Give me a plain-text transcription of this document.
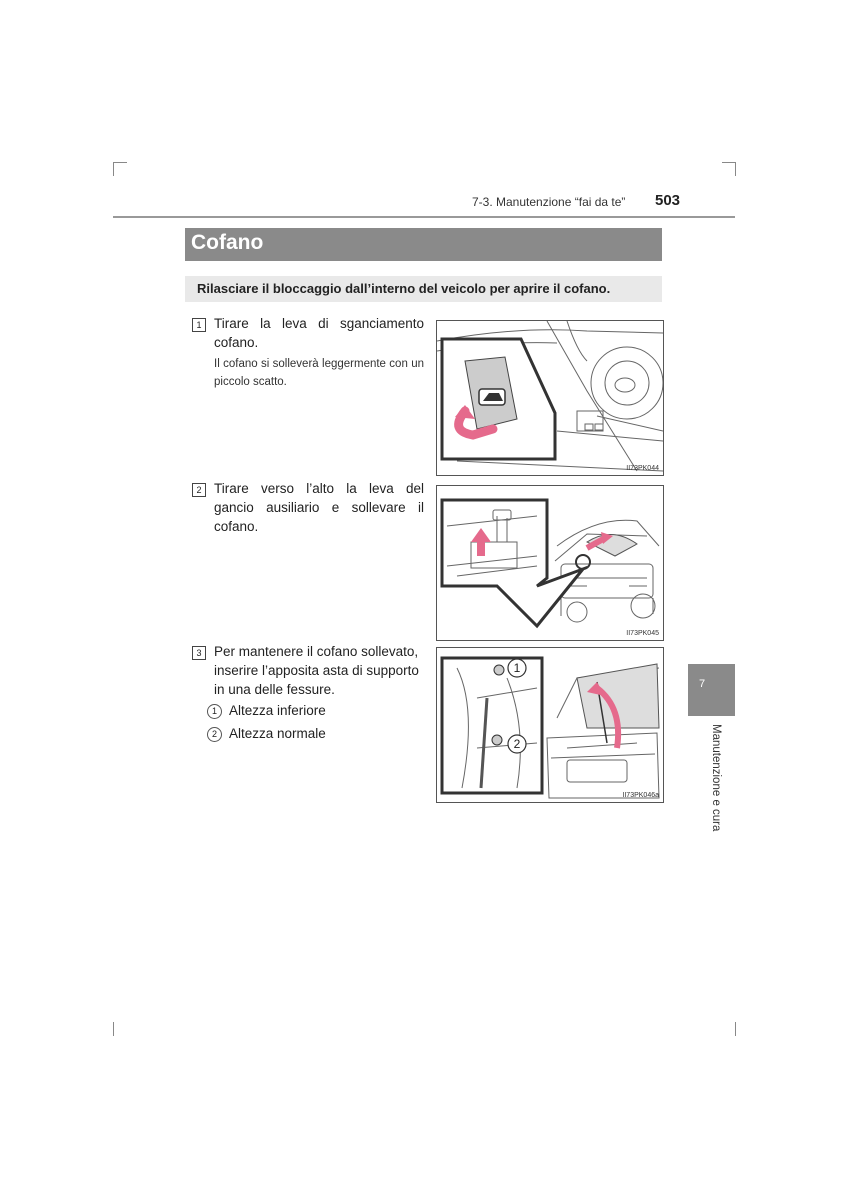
7-3. Manutenzione “fai da te” 503
Cofano
Rilasciare il bloccaggio dall’interno del veicolo per aprire il cofano.
1 Tirare la leva di sganciamento cofano.
Il cofano si solleverà leggermente con un piccolo scatto.
II73PK044
2 Tirare verso l’alto la leva del gancio ausiliario e sollevare il cofano.
II73PK045
3 Per mantenere il cofano sollevato, inserire l’apposita asta di supporto in una delle fessure.
1 Altezza inferiore
2 Altezza normale
1
2
II73PK046a
7
Manutenzione e cura
